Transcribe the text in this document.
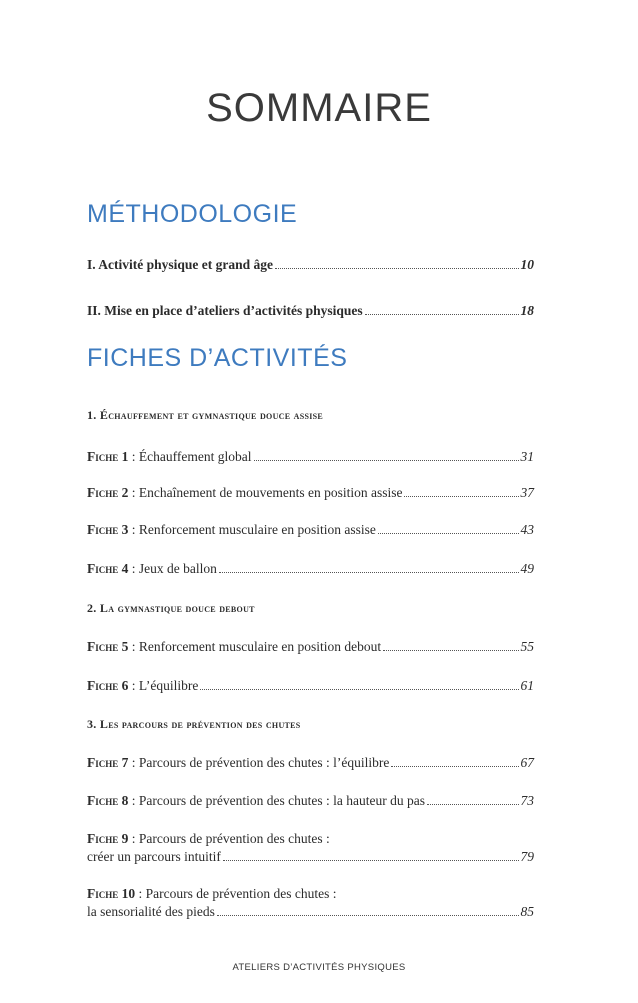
SOMMAIRE
MÉTHODOLOGIE
I. Activité physique et grand âge	10
II. Mise en place d’ateliers d’activités physiques	18
FICHES D’ACTIVITÉS
1. Échauffement et gymnastique douce assise
Fiche 1 : Échauffement global	31
Fiche 2 : Enchaînement de mouvements en position assise	37
Fiche 3 : Renforcement musculaire en position assise	43
Fiche 4 : Jeux de ballon	49
2. La gymnastique douce debout
Fiche 5 : Renforcement musculaire en position debout	55
Fiche 6 : L’équilibre	61
3. Les parcours de prévention des chutes
Fiche 7 : Parcours de prévention des chutes : l’équilibre	67
Fiche 8 : Parcours de prévention des chutes : la hauteur du pas	73
Fiche 9 : Parcours de prévention des chutes :
créer un parcours intuitif	79
Fiche 10 : Parcours de prévention des chutes :
la sensorialité des pieds	85
ATELIERS D’ACTIVITÉS PHYSIQUES
